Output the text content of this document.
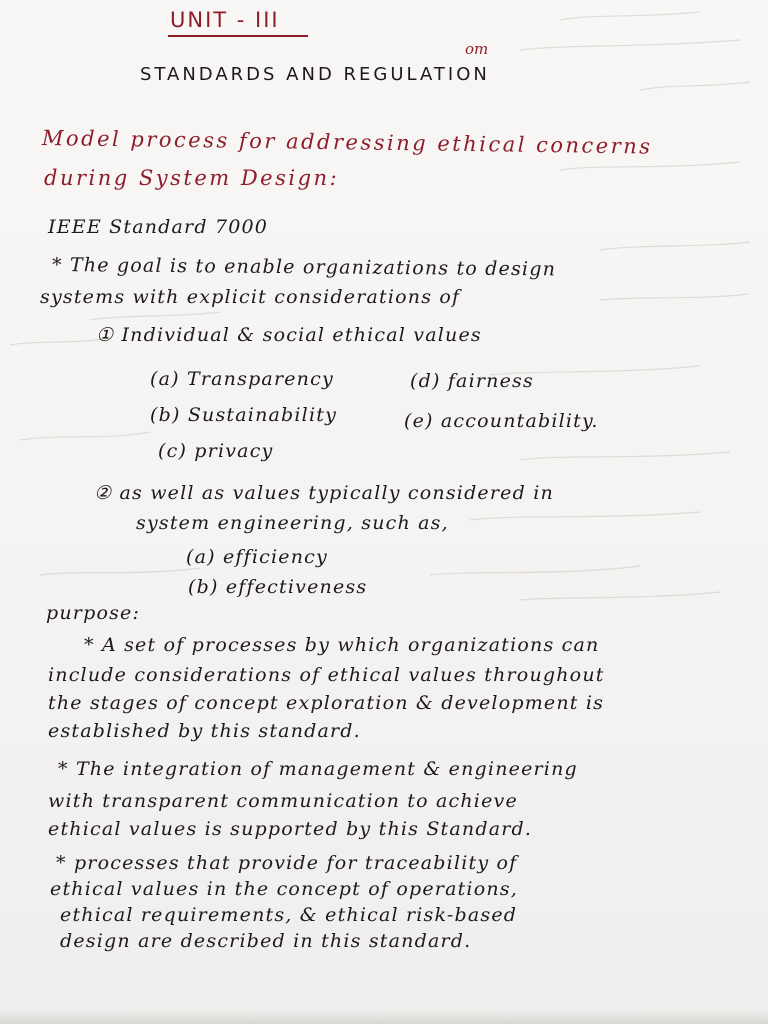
UNIT - III
om
STANDARDS AND REGULATION
Model process for addressing ethical concerns
during System Design:
IEEE Standard 7000
* The goal is to enable organizations to design
systems with explicit considerations of
① Individual & social ethical values
(a) Transparency	(d) fairness
(b) Sustainability	(e) accountability.
(c) privacy
② as well as values typically considered in
system engineering, such as,
(a) efficiency
(b) effectiveness
purpose:
* A set of processes by which organizations can
include considerations of ethical values throughout
the stages of concept exploration & development is
established by this standard.
* The integration of management & engineering
with transparent communication to achieve
ethical values is supported by this Standard.
* processes that provide for traceability of
ethical values in the concept of operations,
ethical requirements, & ethical risk-based
design are described in this standard.
